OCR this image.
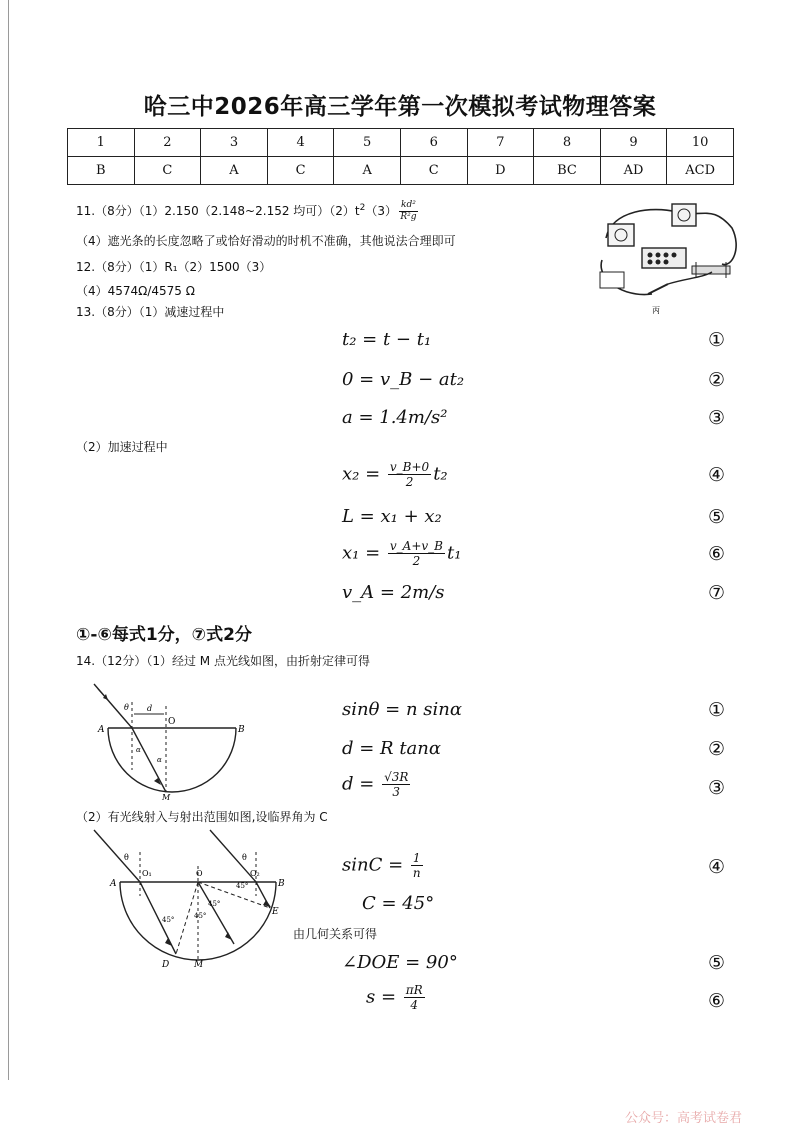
哈三中2026年高三学年第一次模拟考试物理答案
1	2	3	4	5	6	7	8	9	10
B	C	A	C	A	C	D	BC	AD	ACD
11.（8分）（1）2.150（2.148~2.152 均可）$(2)t^2(3) \frac{\text{kd²}}{\text{R²g}}$
（4）遮光条的长度忽略了或恰好滑动的时机不准确，其他说法合理即可
丙
12.（8分）（1）R₁（2）1500（3）
（4）4574Ω/4575 Ω
13.（8分）（1）减速过程中
t₂ = t − t₁	①
0 = v_B − at₂	②
a = 1.4m/s²	③
（2）加速过程中
$x_2 = \frac{v\_B+0}{2} t_2$	④
L = x₁ + x₂	⑤
$x_1 = \frac{v\_A+v\_B}{2} t_1$	⑥
v_A = 2m/s	⑦
①-⑥每式1分，⑦式2分
14.（12分）（1）经过 M 点光线如图，由折射定律可得
θ d
O
A	B
α
α
M
sinθ = n sinα	①
d = R tanα	②
$d = \frac{√3R}{3}$	③
（2）有光线射入与射出范围如图,设临界角为 C
θ	θ
O₁	O	O₂
A	B
E
D	M
45°
45°
45°
45°
$\sin C = \frac{1}{n}$	④
C = 45°
由几何关系可得
∠DOE = 90°	⑤
$s = \frac{\pi R}{4}$	⑥
公众号：高考试卷君
